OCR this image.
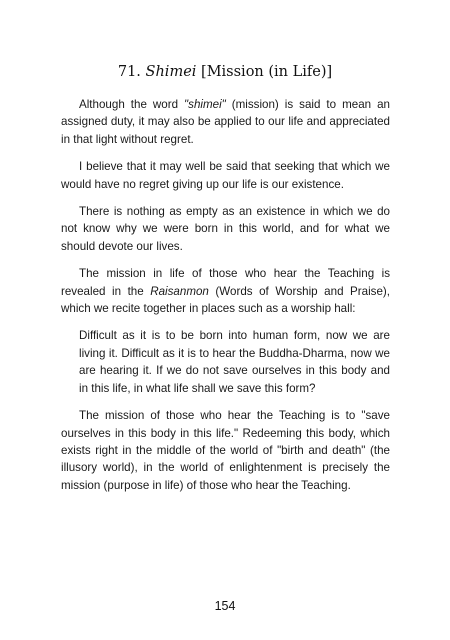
71. Shimei [Mission (in Life)]

Although the word "shimei" (mission) is said to mean an assigned duty, it may also be applied to our life and appreciated in that light without regret.

I believe that it may well be said that seeking that which we would have no regret giving up our life is our existence.

There is nothing as empty as an existence in which we do not know why we were born in this world, and for what we should devote our lives.

The mission in life of those who hear the Teaching is revealed in the Raisanmon (Words of Worship and Praise), which we recite together in places such as a worship hall:

Difficult as it is to be born into human form, now we are living it. Difficult as it is to hear the Buddha-Dharma, now we are hearing it. If we do not save ourselves in this body and in this life, in what life shall we save this form?

The mission of those who hear the Teaching is to "save ourselves in this body in this life." Redeeming this body, which exists right in the middle of the world of "birth and death" (the illusory world), in the world of enlightenment is precisely the mission (purpose in life) of those who hear the Teaching.

154
